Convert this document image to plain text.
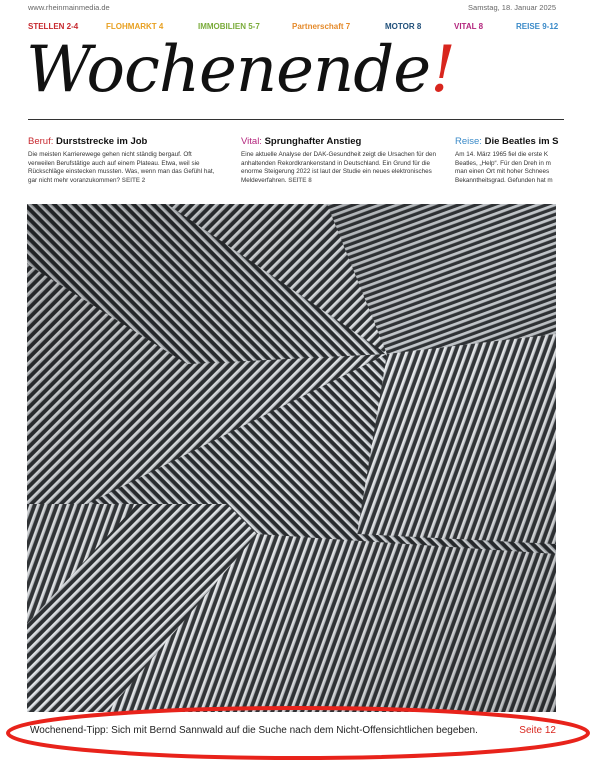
www.rheinmainmedia.de	Samstag, 18. Januar 2025
STELLEN 2-4	FLOHMARKT 4	IMMOBILIEN 5-7	Partnerschaft 7	MOTOR 8	VITAL 8	REISE 9-12
Wochenende!
Beruf: Durststrecke im Job
Die meisten Karrierewege gehen nicht ständig bergauf. Oft verweilen Berufstätige auch auf einem Plateau. Etwa, weil sie Rückschläge einstecken mussten. Was, wenn man das Gefühl hat, gar nicht mehr voranzukommen? SEITE 2
Vital: Sprunghafter Anstieg
Eine aktuelle Analyse der DAK-Gesundheit zeigt die Ursachen für den anhaltenden Rekordkrankenstand in Deutschland. Ein Grund für die enorme Steigerung 2022 ist laut der Studie ein neues elektronisches Meldeverfahren. SEITE 8
Reise: Die Beatles im S
Am 14. März 1965 fiel die erste K Beatles, „Help“. Für den Dreh in m man einen Ort mit hoher Schnees Bekanntheitsgrad. Gefunden hat m
Wochenend-Tipp: Sich mit Bernd Sannwald auf die Suche nach dem Nicht-Offensichtlichen begeben.	Seite 12
